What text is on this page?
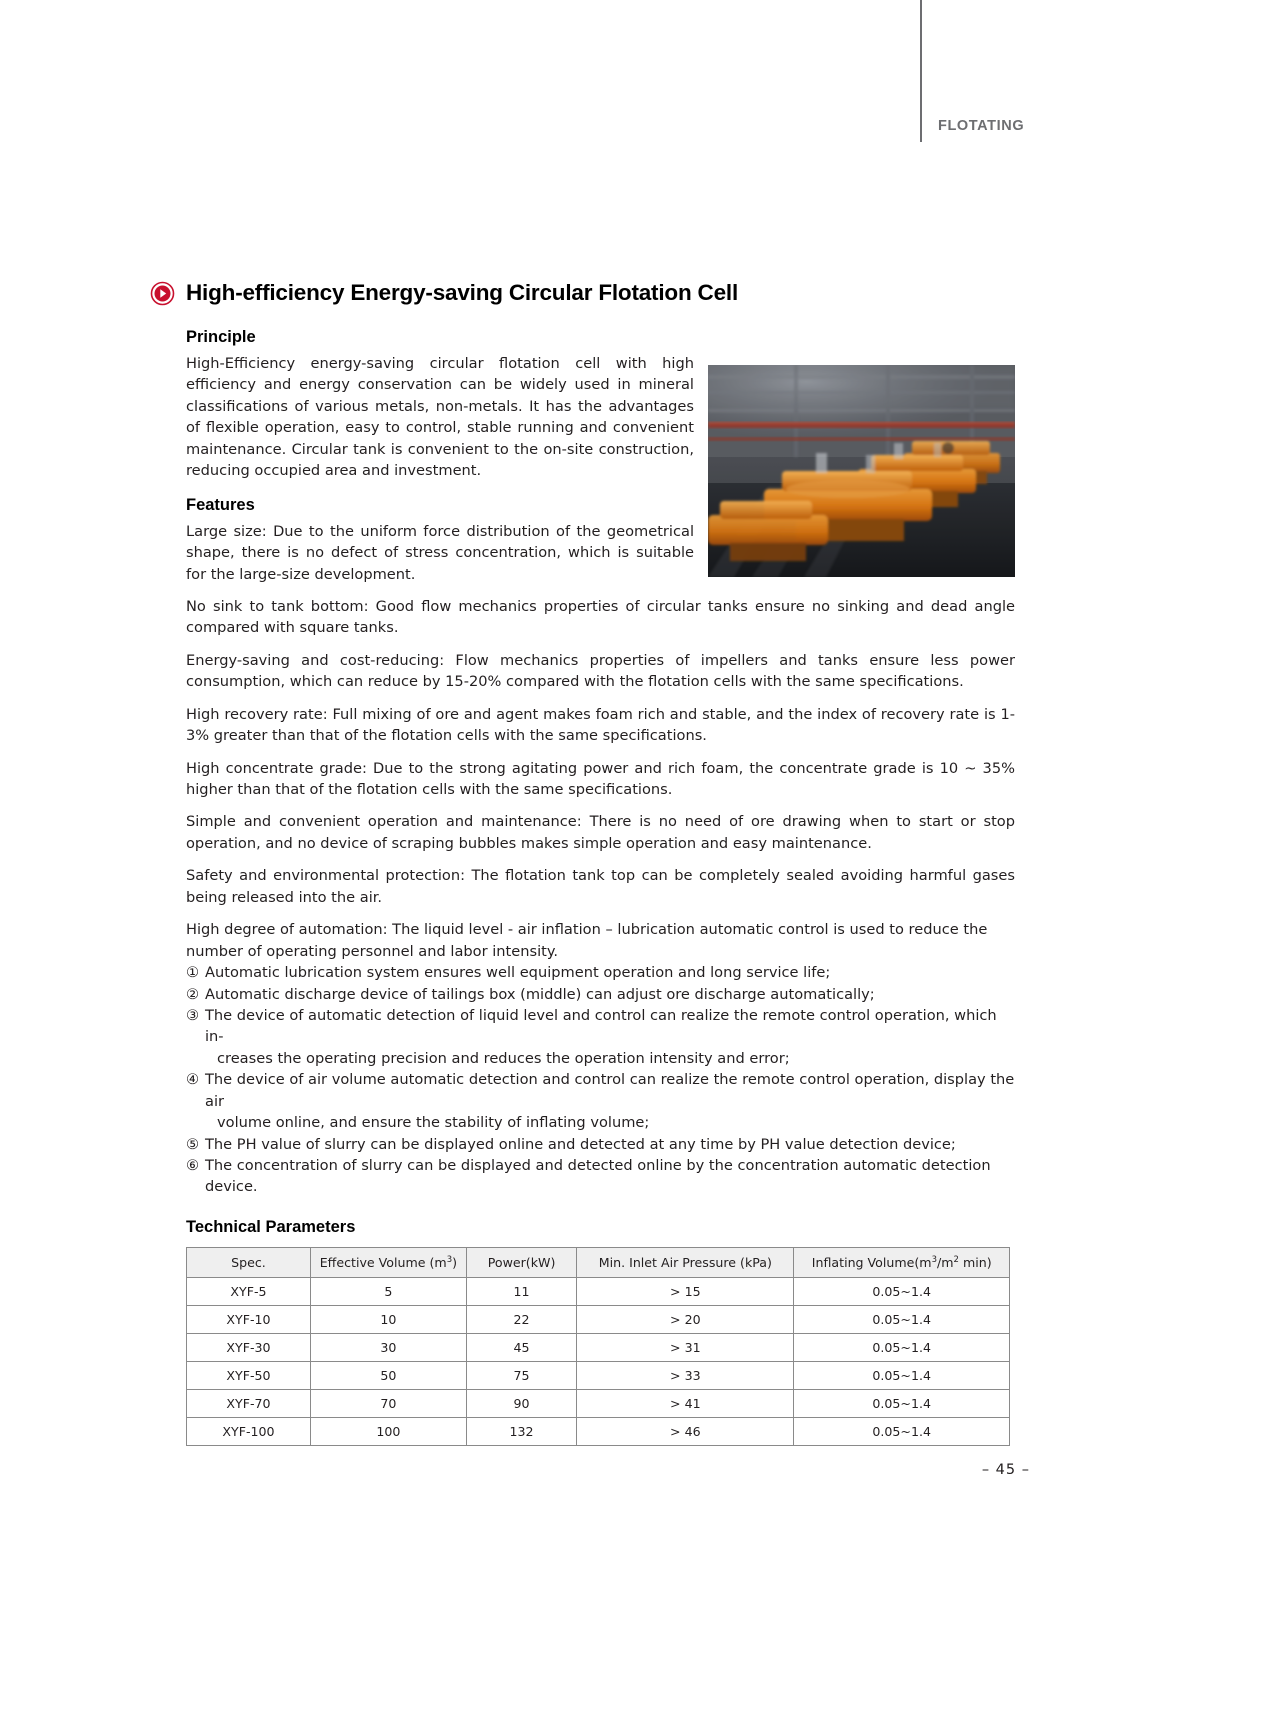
FLOTATING
High-efficiency Energy-saving Circular Flotation Cell
Principle

High-Efficiency energy-saving circular flotation cell with high efficiency and energy conservation can be widely used in mineral classifications of various metals, non-metals. It has the advantages of flexible operation, easy to control, stable running and convenient maintenance. Circular tank is convenient to the on-site construction, reducing occupied area and investment.

Features

Large size: Due to the uniform force distribution of the geometrical shape, there is no defect of stress concentration, which is suitable for the large-size development.

No sink to tank bottom: Good flow mechanics properties of circular tanks ensure no sinking and dead angle compared with square tanks.

Energy-saving and cost-reducing: Flow mechanics properties of impellers and tanks ensure less power consumption, which can reduce by 15-20% compared with the flotation cells with the same specifications.

High recovery rate: Full mixing of ore and agent makes foam rich and stable, and the index of recovery rate is 1-3% greater than that of the flotation cells with the same specifications.

High concentrate grade: Due to the strong agitating power and rich foam, the concentrate grade is 10 ~ 35% higher than that of the flotation cells with the same specifications.

Simple and convenient operation and maintenance: There is no need of ore drawing when to start or stop operation, and no device of scraping bubbles makes simple operation and easy maintenance.

Safety and environmental protection: The flotation tank top can be completely sealed avoiding harmful gases being released into the air.

High degree of automation: The liquid level - air inflation – lubrication automatic control is used to reduce the number of operating personnel and labor intensity.

① Automatic lubrication system ensures well equipment operation and long service life;
② Automatic discharge device of tailings box (middle) can adjust ore discharge automatically;
③ The device of automatic detection of liquid level and control can realize the remote control operation, which in-
creases the operating precision and reduces the operation intensity and error;
④ The device of air volume automatic detection and control can realize the remote control operation, display the air
volume online, and ensure the stability of inflating volume;
⑤ The PH value of slurry can be displayed online and detected at any time by PH value detection device;
⑥ The concentration of slurry can be displayed and detected online by the concentration automatic detection device.
Technical Parameters
Spec.	Effective Volume $(m^3)$	Power(kW)	Min. Inlet Air Pressure (kPa)	Inflating $Volume(m^3/m^2$ min)
XYF-5	5	11	> 15	0.05~1.4
XYF-10	10	22	> 20	0.05~1.4
XYF-30	30	45	> 31	0.05~1.4
XYF-50	50	75	> 33	0.05~1.4
XYF-70	70	90	> 41	0.05~1.4
XYF-100	100	132	> 46	0.05~1.4
– 45 –
